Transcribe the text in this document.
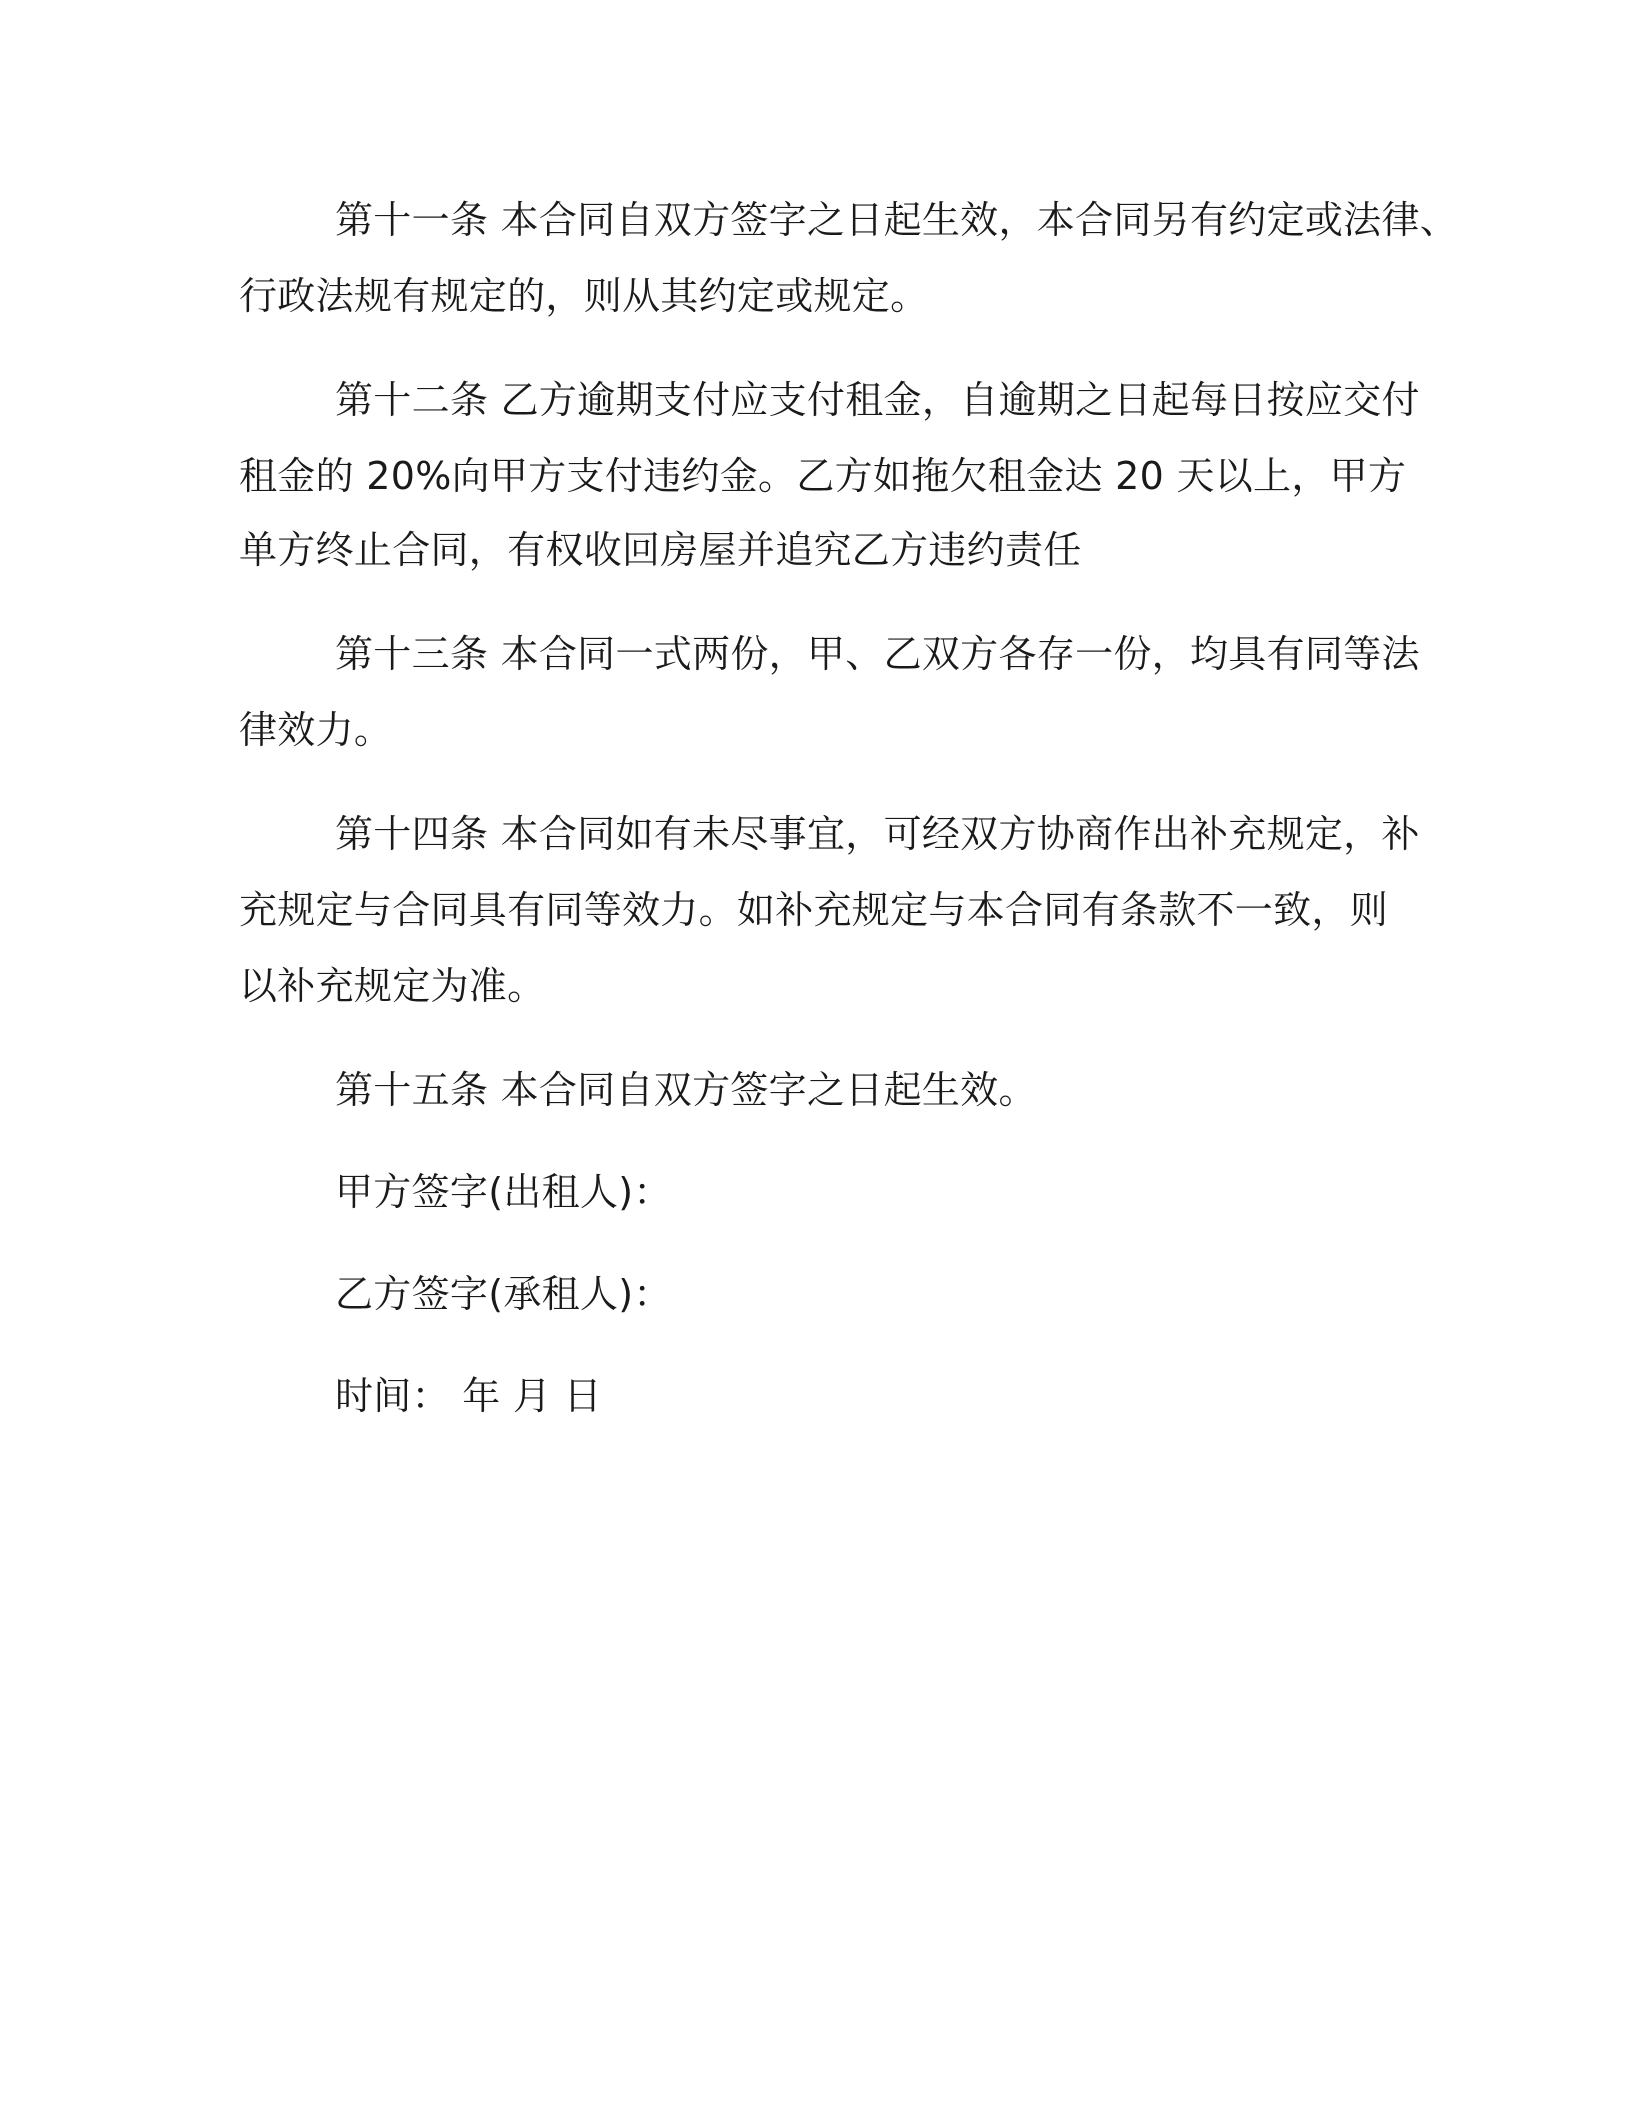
第十一条 本合同自双方签字之日起生效，本合同另有约定或法律、
行政法规有规定的，则从其约定或规定。
第十二条 乙方逾期支付应支付租金，自逾期之日起每日按应交付
租金的 20%向甲方支付违约金。乙方如拖欠租金达 20 天以上，甲方
单方终止合同，有权收回房屋并追究乙方违约责任
第十三条 本合同一式两份，甲、乙双方各存一份，均具有同等法
律效力。
第十四条 本合同如有未尽事宜，可经双方协商作出补充规定，补
充规定与合同具有同等效力。如补充规定与本合同有条款不一致，则
以补充规定为准。
第十五条 本合同自双方签字之日起生效。
甲方签字(出租人)：
乙方签字(承租人)：
时间： 年 月 日
